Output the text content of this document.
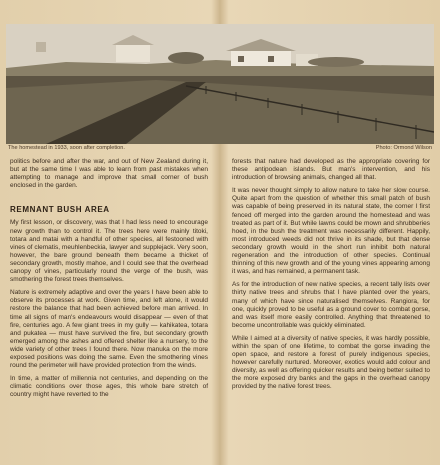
The homestead in 1933, soon after completion.	Photo: Ormond Wilson

politics before and after the war, and out of New Zealand during it, but at the same time I was able to learn from past mistakes when attempting to manage and improve that small corner of bush enclosed in the garden.

REMNANT BUSH AREA

My first lesson, or discovery, was that I had less need to encourage new growth than to control it. The trees here were mainly titoki, totara and matai with a handful of other species, all festooned with vines of clematis, meuhlenbeckia, lawyer and supplejack. Very soon, however, the bare ground beneath them became a thicket of secondary growth, mostly mahoe, and I could see that the overhead canopy of vines, particularly round the verge of the bush, was smothering the forest trees themselves.

Nature is extremely adaptive and over the years I have been able to observe its processes at work. Given time, and left alone, it would restore the balance that had been achieved before man arrived. In time all signs of man's endeavours would disappear — even of that fire, centuries ago. A few giant trees in my gully — kahikatea, totara and pukatea — must have survived the fire, but secondary growth emerged among the ashes and offered shelter like a nursery, to the wide variety of other trees I found there. Now manuka on the more exposed positions was doing the same. Even the smothering vines round the perimeter will have provided protection from the winds.

In time, a matter of millennia not centuries, and depending on the climatic conditions over those ages, this whole bare stretch of country might have reverted to the

forests that nature had developed as the appropriate covering for these antipodean islands. But man's intervention, and his introduction of browsing animals, changed all that.

It was never thought simply to allow nature to take her slow course. Quite apart from the question of whether this small patch of bush was capable of being preserved in its natural state, the corner I first fenced off merged into the garden around the homestead and was treated as part of it. But while lawns could be mown and shrubberies hoed, in the bush the treatment was necessarily different. Happily, most introduced weeds did not thrive in its shade, but that dense secondary growth would in the short run inhibit both natural regeneration and the introduction of other species. Continual thinning of this new growth and of the young vines appearing among it was, and has remained, a permanent task.

As for the introduction of new native species, a recent tally lists over thirty native trees and shrubs that I have planted over the years, many of which have since naturalised themselves. Rangiora, for one, quickly proved to be useful as a ground cover to combat gorse, and was itself more easily controlled. Anything that threatened to become uncontrollable was quickly eliminated.

While I aimed at a diversity of native species, it was hardly possible, within the span of one lifetime, to combat the gorse invading the open space, and restore a forest of purely indigenous species, however carefully nurtured. Moreover, exotics would add colour and diversity, as well as offering quicker results and being better suited to the more exposed dry banks and the gaps in the overhead canopy provided by the native forest trees.
